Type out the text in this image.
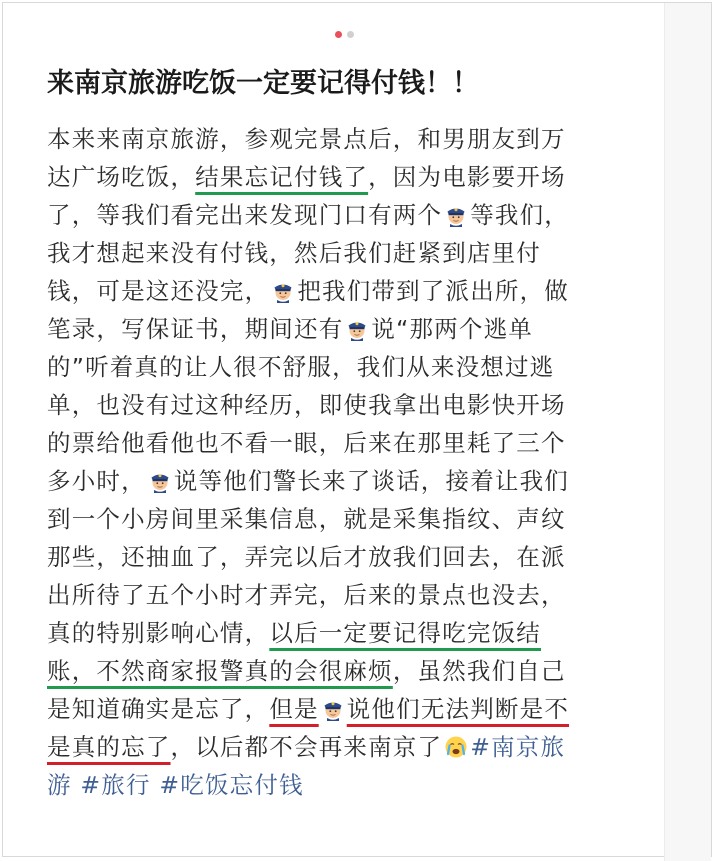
来南京旅游吃饭一定要记得付钱！！
本来来南京旅游，参观完景点后，和男朋友到万
达广场吃饭，结果忘记付钱了，因为电影要开场
了，等我们看完出来发现门口有两个 等我们，
我才想起来没有付钱，然后我们赶紧到店里付
钱，可是这还没完， 把我们带到了派出所，做
笔录，写保证书，期间还有 说“那两个逃单
的”听着真的让人很不舒服，我们从来没想过逃
单，也没有过这种经历，即使我拿出电影快开场
的票给他看他也不看一眼，后来在那里耗了三个
多小时， 说等他们警长来了谈话，接着让我们
到一个小房间里采集信息，就是采集指纹、声纹
那些，还抽血了，弄完以后才放我们回去，在派
出所待了五个小时才弄完，后来的景点也没去，
真的特别影响心情，以后一定要记得吃完饭结
账，不然商家报警真的会很麻烦，虽然我们自己
是知道确实是忘了，但是 说他们无法判断是不
是真的忘了，以后都不会再来南京了 #南京旅
游 #旅行 #吃饭忘付钱
